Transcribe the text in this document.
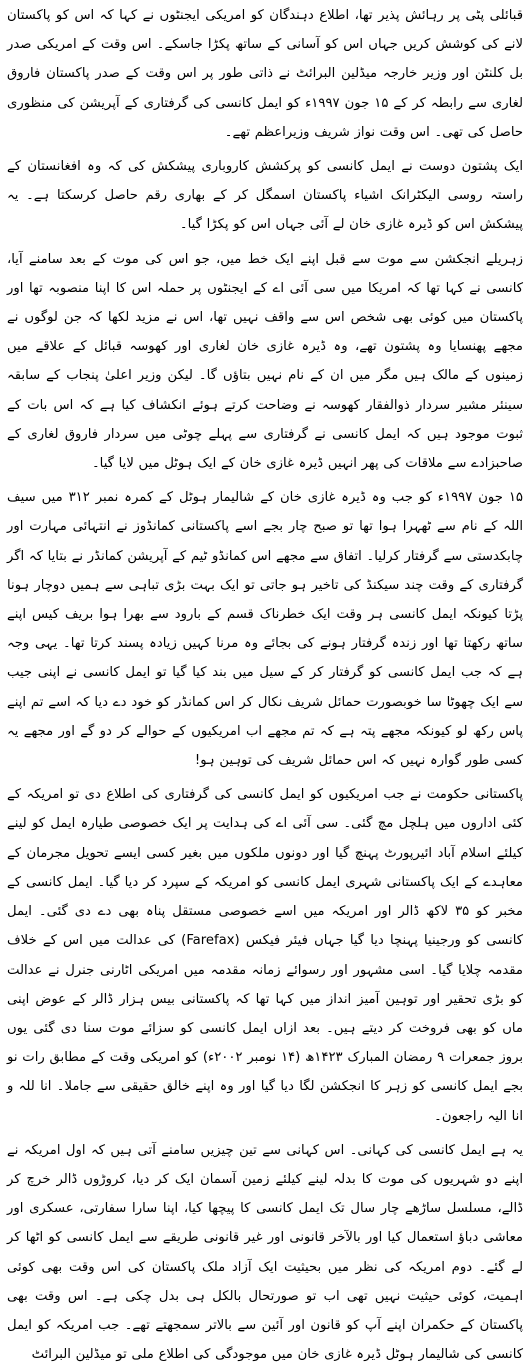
قبائلی پٹی پر رہائش پذیر تھا، اطلاع دہندگان کو امریکی ایجنٹوں نے کہا کہ اس کو پاکستان لانے کی کوشش کریں جہاں اس کو آسانی کے ساتھ پکڑا جاسکے۔ اس وقت کے امریکی صدر بل کلنٹن اور وزیر خارجہ میڈلین البرائٹ نے ذاتی طور پر اس وقت کے صدر پاکستان فاروق لغاری سے رابطہ کر کے ۱۵ جون ۱۹۹۷ء کو ایمل کانسی کی گرفتاری کے آپریشن کی منظوری حاصل کی تھی۔ اس وقت نواز شریف وزیراعظم تھے۔

ایک پشتون دوست نے ایمل کانسی کو پرکشش کاروباری پیشکش کی کہ وہ افغانستان کے راستہ روسی الیکٹرانک اشیاء پاکستان اسمگل کر کے بھاری رقم حاصل کرسکتا ہے۔ یہ پیشکش اس کو ڈیرہ غازی خان لے آئی جہاں اس کو پکڑا گیا۔

زہریلے انجکشن سے موت سے قبل اپنے ایک خط میں، جو اس کی موت کے بعد سامنے آیا، کانسی نے کہا تھا کہ امریکا میں سی آئی اے کے ایجنٹوں پر حملہ اس کا اپنا منصوبہ تھا اور پاکستان میں کوئی بھی شخص اس سے واقف نہیں تھا، اس نے مزید لکھا کہ جن لوگوں نے مجھے پھنسایا وہ پشتون تھے، وہ ڈیرہ غازی خان لغاری اور کھوسہ قبائل کے علاقے میں زمینوں کے مالک ہیں مگر میں ان کے نام نہیں بتاؤں گا۔ لیکن وزیر اعلیٰ پنجاب کے سابقہ سینئر مشیر سردار ذوالفقار کھوسہ نے وضاحت کرتے ہوئے انکشاف کیا ہے کہ اس بات کے ثبوت موجود ہیں کہ ایمل کانسی نے گرفتاری سے پہلے چوٹی میں سردار فاروق لغاری کے صاحبزادے سے ملاقات کی پھر انہیں ڈیرہ غازی خان کے ایک ہوٹل میں لایا گیا۔

۱۵ جون ۱۹۹۷ء کو جب وہ ڈیرہ غازی خان کے شالیمار ہوٹل کے کمرہ نمبر ۳۱۲ میں سیف اللہ کے نام سے ٹھہرا ہوا تھا تو صبح چار بجے اسے پاکستانی کمانڈوز نے انتہائی مہارت اور چابکدستی سے گرفتار کرلیا۔ اتفاق سے مجھے اس کمانڈو ٹیم کے آپریشن کمانڈر نے بتایا کہ اگر گرفتاری کے وقت چند سیکنڈ کی تاخیر ہو جاتی تو ایک بہت بڑی تباہی سے ہمیں دوچار ہونا پڑتا کیونکہ ایمل کانسی ہر وقت ایک خطرناک قسم کے بارود سے بھرا ہوا بریف کیس اپنے ساتھ رکھتا تھا اور زندہ گرفتار ہونے کی بجائے وہ مرنا کہیں زیادہ پسند کرتا تھا۔ یہی وجہ ہے کہ جب ایمل کانسی کو گرفتار کر کے سیل میں بند کیا گیا تو ایمل کانسی نے اپنی جیب سے ایک چھوٹا سا خوبصورت حمائل شریف نکال کر اس کمانڈر کو خود دے دیا کہ اسے تم اپنے پاس رکھ لو کیونکہ مجھے پتہ ہے کہ تم مجھے اب امریکیوں کے حوالے کر دو گے اور مجھے یہ کسی طور گوارہ نہیں کہ اس حمائل شریف کی توہین ہو!

پاکستانی حکومت نے جب امریکیوں کو ایمل کانسی کی گرفتاری کی اطلاع دی تو امریکہ کے کئی اداروں میں ہلچل مچ گئی۔ سی آئی اے کی ہدایت پر ایک خصوصی طیارہ ایمل کو لینے کیلئے اسلام آباد ائیرپورٹ پہنچ گیا اور دونوں ملکوں میں بغیر کسی ایسے تحویل مجرمان کے معاہدے کے ایک پاکستانی شہری ایمل کانسی کو امریکہ کے سپرد کر دیا گیا۔ ایمل کانسی کے مخبر کو ۳۵ لاکھ ڈالر اور امریکہ میں اسے خصوصی مستقل پناہ بھی دے دی گئی۔ ایمل کانسی کو ورجینیا پہنچا دیا گیا جہاں فیئر فیکس (Farefax) کی عدالت میں اس کے خلاف مقدمہ چلایا گیا۔ اسی مشہور اور رسوائے زمانہ مقدمہ میں امریکی اٹارنی جنرل نے عدالت کو بڑی تحقیر اور توہین آمیز انداز میں کہا تھا کہ پاکستانی بیس ہزار ڈالر کے عوض اپنی ماں کو بھی فروخت کر دیتے ہیں۔ بعد ازاں ایمل کانسی کو سزائے موت سنا دی گئی یوں بروز جمعرات ۹ رمضان المبارک ۱۴۲۳ھ (۱۴ نومبر ۲۰۰۲ء) کو امریکی وقت کے مطابق رات نو بجے ایمل کانسی کو زہر کا انجکشن لگا دیا گیا اور وہ اپنے خالق حقیقی سے جاملا۔ انا للہ و انا الیہ راجعون۔

یہ ہے ایمل کانسی کی کہانی۔ اس کہانی سے تین چیزیں سامنے آتی ہیں کہ اول امریکہ نے اپنے دو شہریوں کی موت کا بدلہ لینے کیلئے زمین آسمان ایک کر دیا، کروڑوں ڈالر خرچ کر ڈالے، مسلسل ساڑھے چار سال تک ایمل کانسی کا پیچھا کیا، اپنا سارا سفارتی، عسکری اور معاشی دباؤ استعمال کیا اور بالآخر قانونی اور غیر قانونی طریقے سے ایمل کانسی کو اٹھا کر لے گئے۔ دوم امریکہ کی نظر میں بحیثیت ایک آزاد ملک پاکستان کی اس وقت بھی کوئی اہمیت، کوئی حیثیت نہیں تھی اب تو صورتحال بالکل ہی بدل چکی ہے۔ اس وقت بھی پاکستان کے حکمران اپنے آپ کو قانون اور آئین سے بالاتر سمجھتے تھے۔ جب امریکہ کو ایمل کانسی کی شالیمار ہوٹل ڈیرہ غازی خان میں موجودگی کی اطلاع ملی تو میڈلین البرائٹ
